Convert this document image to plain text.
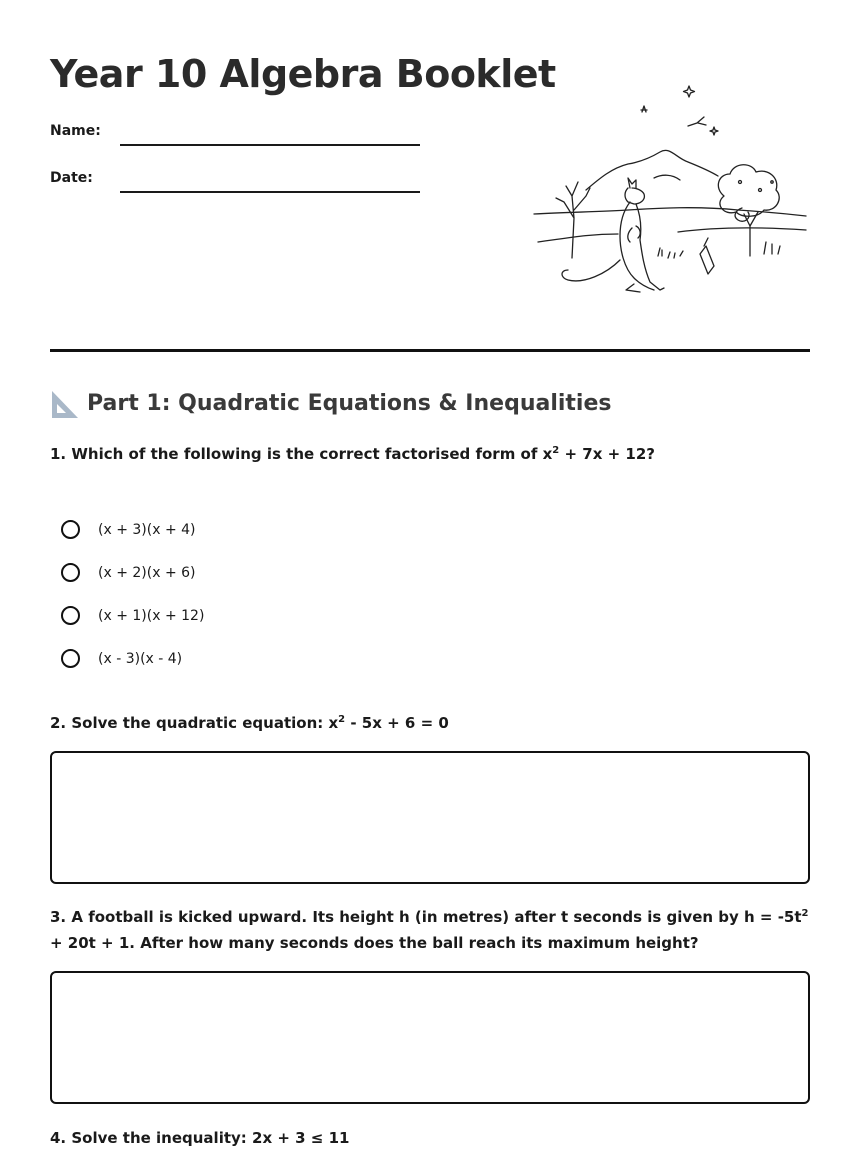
Year 10 Algebra Booklet
Name:
Date:
Part 1: Quadratic Equations & Inequalities

1. Which of the following is the correct factorised form of $x^2 + 7x + 12$?

(x + 3)(x + 4)
(x + 2)(x + 6)
(x + 1)(x + 12)
(x - 3)(x - 4)

2. Solve the quadratic equation: $x^2 - 5x + 6 = 0$

3. A football is kicked upward. Its height h (in metres) after t seconds is given by $h = -5t^2 + 20t + 1$. After how many seconds does the ball reach its maximum height?

4. Solve the inequality: 2x + 3 ≤ 11
